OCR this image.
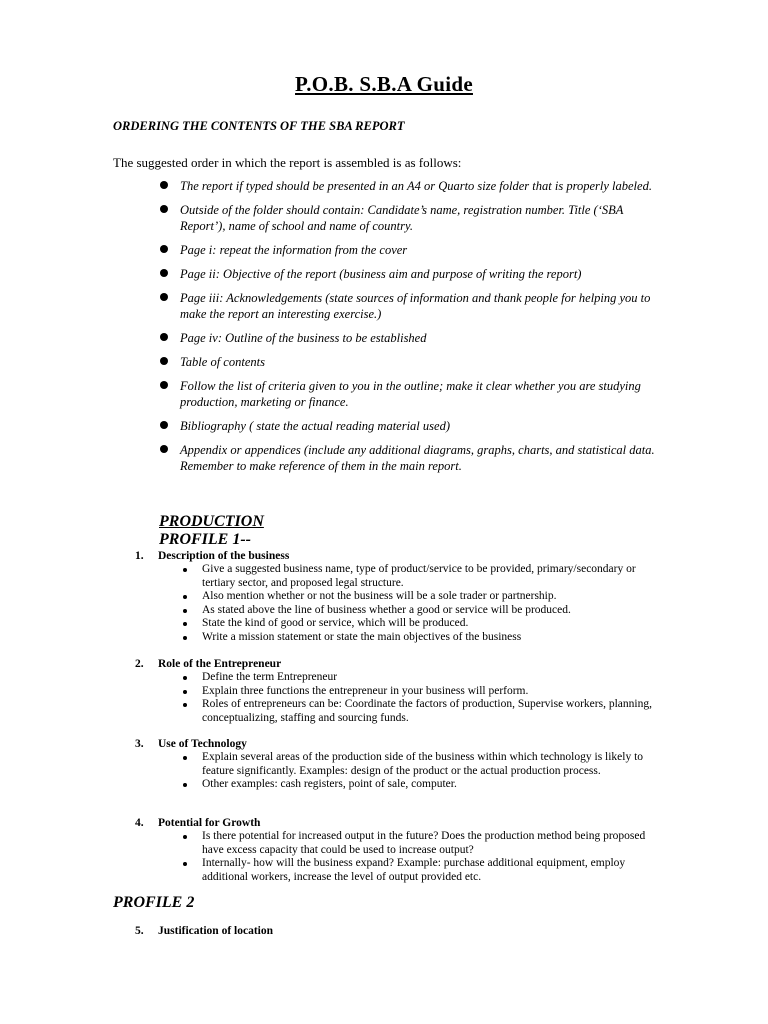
P.O.B. S.B.A Guide
ORDERING THE CONTENTS OF THE SBA REPORT
The suggested order in which the report is assembled is as follows:
The report if typed should be presented in an A4 or Quarto size folder that is properly labeled.
Outside of the folder should contain: Candidate’s name, registration number. Title (‘SBA Report’), name of school and name of country.
Page i: repeat the information from the cover
Page ii: Objective of the report (business aim and purpose of writing the report)
Page iii: Acknowledgements (state sources of information and thank people for helping you to make the report an interesting exercise.)
Page iv: Outline of the business to be established
Table of contents
Follow the list of criteria given to you in the outline; make it clear whether you are studying production, marketing or finance.
Bibliography ( state the actual reading material used)
Appendix or appendices (include any additional diagrams, graphs, charts, and statistical data. Remember to make reference of them in the main report.
PRODUCTION
PROFILE 1--
1. Description of the business
Give a suggested business name, type of product/service to be provided, primary/secondary or tertiary sector, and proposed legal structure.
Also mention whether or not the business will be a sole trader or partnership.
As stated above the line of business whether a good or service will be produced.
State the kind of good or service, which will be produced.
Write a mission statement or state the main objectives of the business
2. Role of the Entrepreneur
Define the term Entrepreneur
Explain three functions the entrepreneur in your business will perform.
Roles of entrepreneurs can be: Coordinate the factors of production, Supervise workers, planning, conceptualizing, staffing and sourcing funds.
3. Use of Technology
Explain several areas of the production side of the business within which technology is likely to feature significantly. Examples: design of the product or the actual production process.
Other examples: cash registers, point of sale, computer.
4. Potential for Growth
Is there potential for increased output in the future? Does the production method being proposed have excess capacity that could be used to increase output?
Internally- how will the business expand? Example: purchase additional equipment, employ additional workers, increase the level of output provided etc.
PROFILE 2
5. Justification of location
